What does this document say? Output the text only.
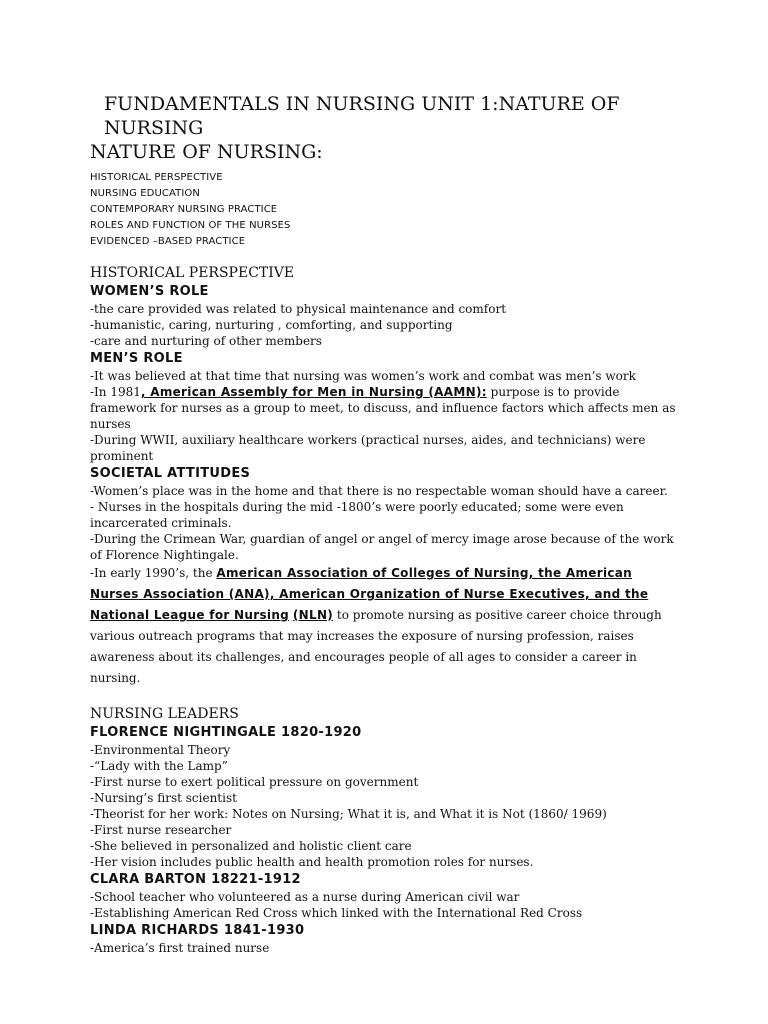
FUNDAMENTALS IN NURSING UNIT 1:NATURE OF NURSING
NATURE OF NURSING:
HISTORICAL PERSPECTIVE
NURSING EDUCATION
CONTEMPORARY NURSING PRACTICE
ROLES AND FUNCTION OF THE NURSES
EVIDENCED –BASED PRACTICE
HISTORICAL PERSPECTIVE
WOMEN’S ROLE

-the care provided was related to physical maintenance and comfort

-humanistic, caring, nurturing , comforting, and supporting

-care and nurturing of other members

MEN’S ROLE

-It was believed at that time that nursing was women’s work and combat was men’s work

-In 1981, American Assembly for Men in Nursing (AAMN): purpose is to provide framework for nurses as a group to meet, to discuss, and influence factors which affects men as nurses

-During WWII, auxiliary healthcare workers (practical nurses, aides, and technicians) were prominent

SOCIETAL ATTITUDES

-Women’s place was in the home and that there is no respectable woman should have a career.

- Nurses in the hospitals during the mid -1800’s were poorly educated; some were even incarcerated criminals.

-During the Crimean War, guardian of angel or angel of mercy image arose because of the work of Florence Nightingale.

-In early 1990’s, the American Association of Colleges of Nursing, the American Nurses Association (ANA), American Organization of Nurse Executives, and the National League for Nursing (NLN) to promote nursing as positive career choice through various outreach programs that may increases the exposure of nursing profession, raises awareness about its challenges, and encourages people of all ages to consider a career in nursing.

NURSING LEADERS
FLORENCE NIGHTINGALE 1820-1920

-Environmental Theory

-“Lady with the Lamp”

-First nurse to exert political pressure on government

-Nursing’s first scientist

-Theorist for her work: Notes on Nursing; What it is, and What it is Not (1860/ 1969)

-First nurse researcher

-She believed in personalized and holistic client care

-Her vision includes public health and health promotion roles for nurses.

CLARA BARTON 18221-1912

-School teacher who volunteered as a nurse during American civil war

-Establishing American Red Cross which linked with the International Red Cross

LINDA RICHARDS 1841-1930

-America’s first trained nurse
